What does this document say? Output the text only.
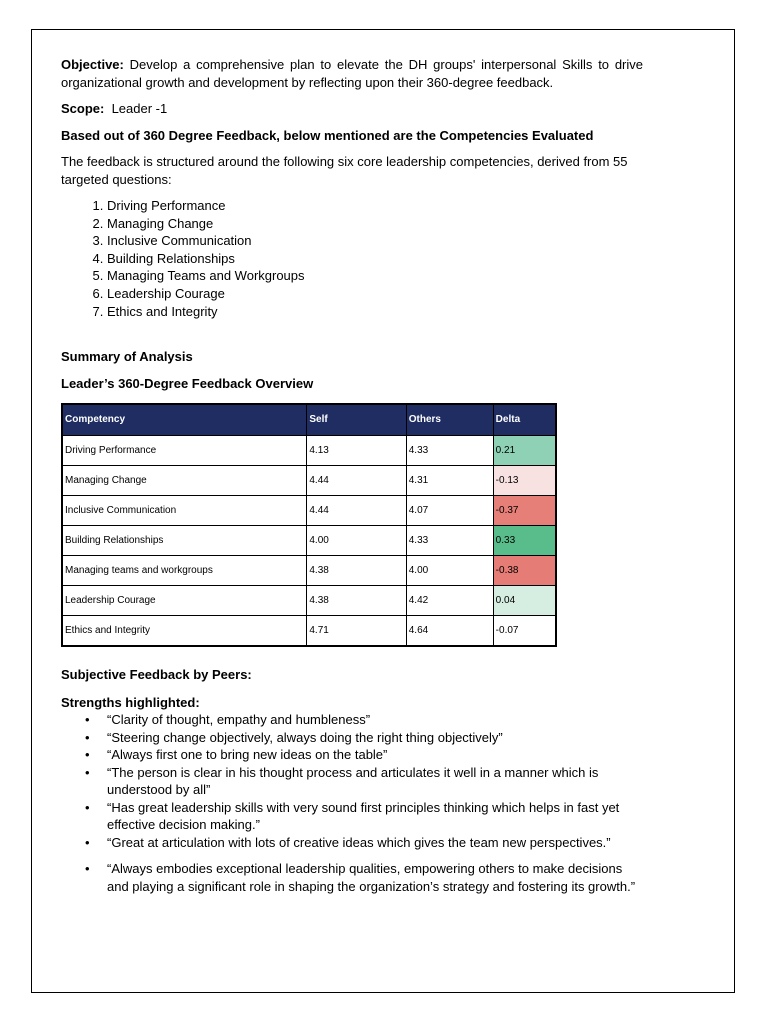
Objective: Develop a comprehensive plan to elevate the DH groups' interpersonal Skills to drive organizational growth and development by reflecting upon their 360-degree feedback.

Scope:  Leader -1

Based out of 360 Degree Feedback, below mentioned are the Competencies Evaluated

The feedback is structured around the following six core leadership competencies, derived from 55 targeted questions:

1. Driving Performance
2. Managing Change
3. Inclusive Communication
4. Building Relationships
5. Managing Teams and Workgroups
6. Leadership Courage
7. Ethics and Integrity

Summary of Analysis

Leader’s 360-Degree Feedback Overview

Competency	Self	Others	Delta
Driving Performance	4.13	4.33	0.21
Managing Change	4.44	4.31	-0.13
Inclusive Communication	4.44	4.07	-0.37
Building Relationships	4.00	4.33	0.33
Managing teams and workgroups	4.38	4.00	-0.38
Leadership Courage	4.38	4.42	0.04
Ethics and Integrity	4.71	4.64	-0.07

Subjective Feedback by Peers:

Strengths highlighted:

• “Clarity of thought, empathy and humbleness”
• “Steering change objectively, always doing the right thing objectively”
• “Always first one to bring new ideas on the table”
• “The person is clear in his thought process and articulates it well in a manner which is understood by all”
• “Has great leadership skills with very sound first principles thinking which helps in fast yet effective decision making.”
• “Great at articulation with lots of creative ideas which gives the team new perspectives.”
• “Always embodies exceptional leadership qualities, empowering others to make decisions and playing a significant role in shaping the organization’s strategy and fostering its growth.”
